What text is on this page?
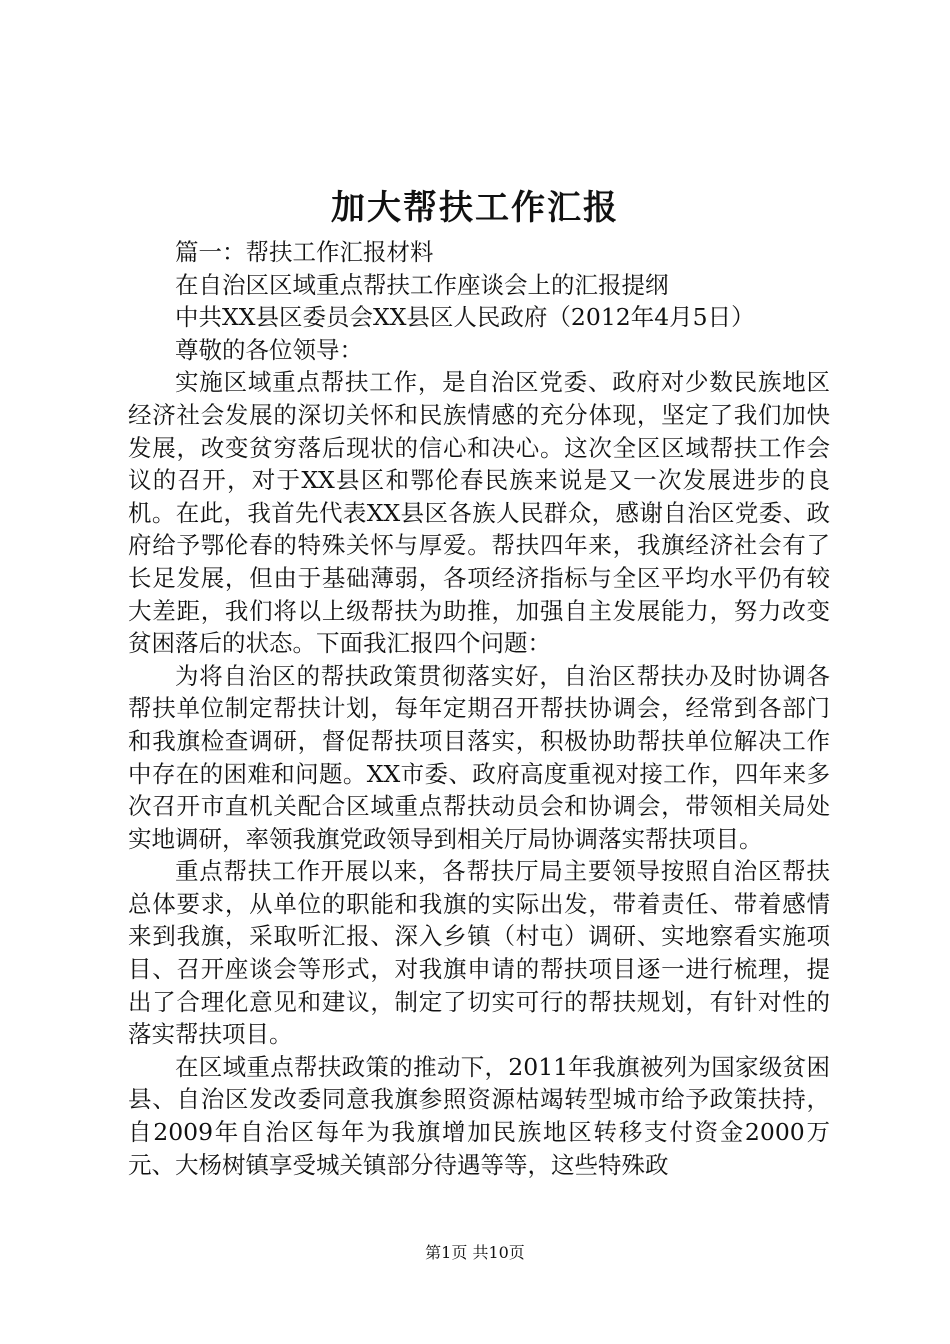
加大帮扶工作汇报

篇一：帮扶工作汇报材料

在自治区区域重点帮扶工作座谈会上的汇报提纲

中共XX县区委员会XX县区人民政府（2012年4月5日）

尊敬的各位领导：

实施区域重点帮扶工作，是自治区党委、政府对少数民族地区经济社会发展的深切关怀和民族情感的充分体现，坚定了我们加快发展，改变贫穷落后现状的信心和决心。这次全区区域帮扶工作会议的召开，对于XX县区和鄂伦春民族来说是又一次发展进步的良机。在此，我首先代表XX县区各族人民群众，感谢自治区党委、政府给予鄂伦春的特殊关怀与厚爱。帮扶四年来，我旗经济社会有了长足发展，但由于基础薄弱，各项经济指标与全区平均水平仍有较大差距，我们将以上级帮扶为助推，加强自主发展能力，努力改变贫困落后的状态。下面我汇报四个问题：

为将自治区的帮扶政策贯彻落实好，自治区帮扶办及时协调各帮扶单位制定帮扶计划，每年定期召开帮扶协调会，经常到各部门和我旗检查调研，督促帮扶项目落实，积极协助帮扶单位解决工作中存在的困难和问题。XX市委、政府高度重视对接工作，四年来多次召开市直机关配合区域重点帮扶动员会和协调会，带领相关局处实地调研，率领我旗党政领导到相关厅局协调落实帮扶项目。

重点帮扶工作开展以来，各帮扶厅局主要领导按照自治区帮扶总体要求，从单位的职能和我旗的实际出发，带着责任、带着感情来到我旗，采取听汇报、深入乡镇（村屯）调研、实地察看实施项目、召开座谈会等形式，对我旗申请的帮扶项目逐一进行梳理，提出了合理化意见和建议，制定了切实可行的帮扶规划，有针对性的落实帮扶项目。

在区域重点帮扶政策的推动下，2011年我旗被列为国家级贫困县、自治区发改委同意我旗参照资源枯竭转型城市给予政策扶持，自2009年自治区每年为我旗增加民族地区转移支付资金2000万元、大杨树镇享受城关镇部分待遇等等，这些特殊政

第1页 共10页
